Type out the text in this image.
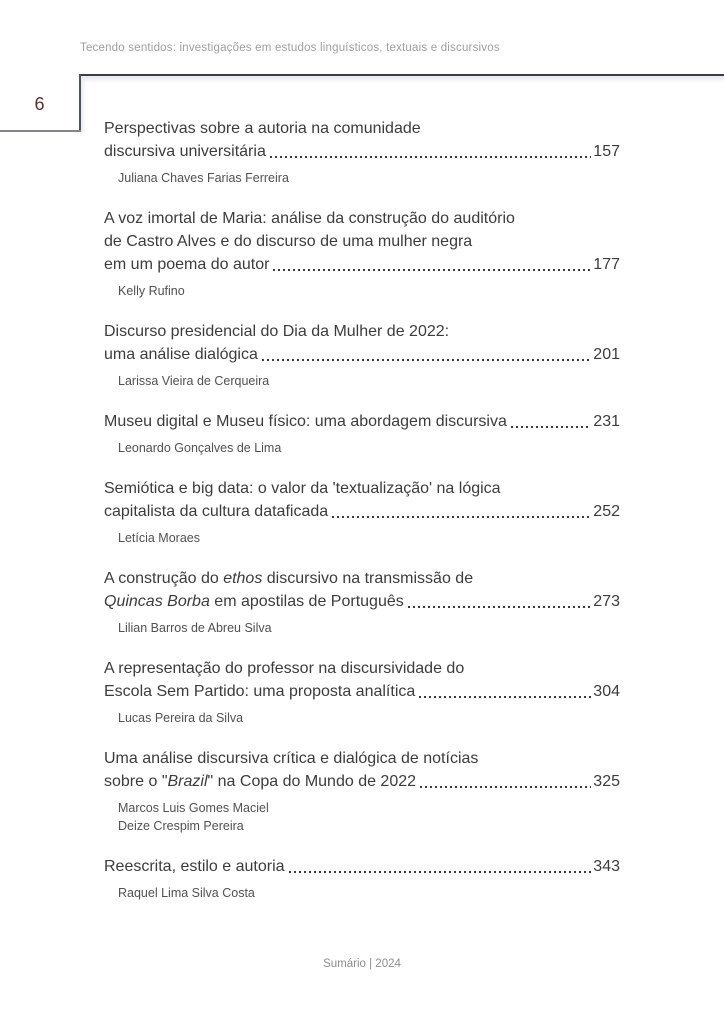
Tecendo sentidos: investigações em estudos linguísticos, textuais e discursivos
6
Perspectivas sobre a autoria na comunidade
discursiva universitária	157
Juliana Chaves Farias Ferreira
A voz imortal de Maria: análise da construção do auditório
de Castro Alves e do discurso de uma mulher negra
em um poema do autor	177
Kelly Rufino
Discurso presidencial do Dia da Mulher de 2022:
uma análise dialógica	201
Larissa Vieira de Cerqueira
Museu digital e Museu físico: uma abordagem discursiva	231
Leonardo Gonçalves de Lima
Semiótica e big data: o valor da 'textualização' na lógica
capitalista da cultura dataficada	252
Letícia Moraes
A construção do ethos discursivo na transmissão de
Quincas Borba em apostilas de Português	273
Lilian Barros de Abreu Silva
A representação do professor na discursividade do
Escola Sem Partido: uma proposta analítica	304
Lucas Pereira da Silva
Uma análise discursiva crítica e dialógica de notícias
sobre o "Brazil" na Copa do Mundo de 2022	325
Marcos Luis Gomes Maciel
Deize Crespim Pereira
Reescrita, estilo e autoria	343
Raquel Lima Silva Costa
Sumário | 2024
